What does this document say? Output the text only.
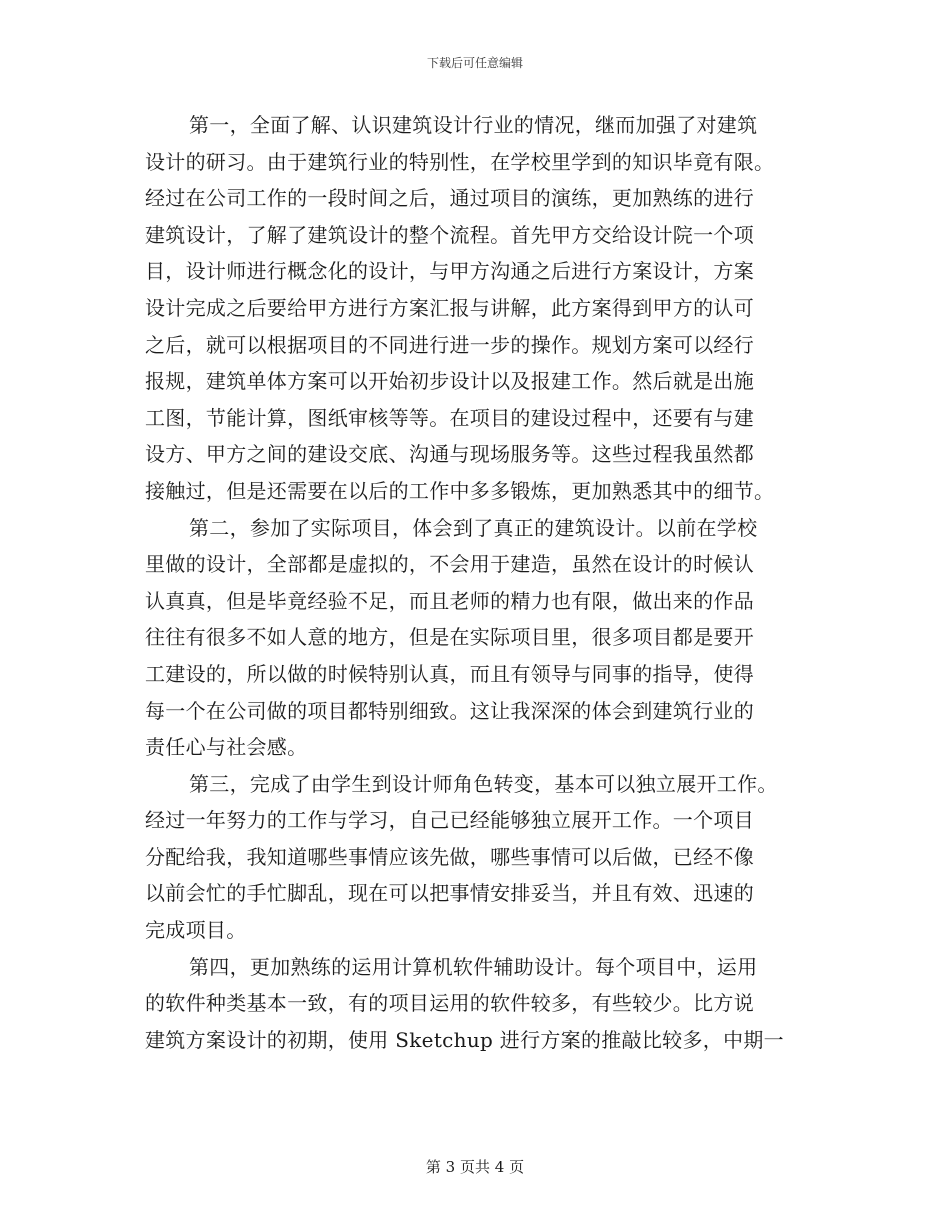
下载后可任意编辑
第一，全面了解、认识建筑设计行业的情况，继而加强了对建筑
设计的研习。由于建筑行业的特别性，在学校里学到的知识毕竟有限。
经过在公司工作的一段时间之后，通过项目的演练，更加熟练的进行
建筑设计，了解了建筑设计的整个流程。首先甲方交给设计院一个项
目，设计师进行概念化的设计，与甲方沟通之后进行方案设计，方案
设计完成之后要给甲方进行方案汇报与讲解，此方案得到甲方的认可
之后，就可以根据项目的不同进行进一步的操作。规划方案可以经行
报规，建筑单体方案可以开始初步设计以及报建工作。然后就是出施
工图，节能计算，图纸审核等等。在项目的建设过程中，还要有与建
设方、甲方之间的建设交底、沟通与现场服务等。这些过程我虽然都
接触过，但是还需要在以后的工作中多多锻炼，更加熟悉其中的细节。
第二，参加了实际项目，体会到了真正的建筑设计。以前在学校
里做的设计，全部都是虚拟的，不会用于建造，虽然在设计的时候认
认真真，但是毕竟经验不足，而且老师的精力也有限，做出来的作品
往往有很多不如人意的地方，但是在实际项目里，很多项目都是要开
工建设的，所以做的时候特别认真，而且有领导与同事的指导，使得
每一个在公司做的项目都特别细致。这让我深深的体会到建筑行业的
责任心与社会感。
第三，完成了由学生到设计师角色转变，基本可以独立展开工作。
经过一年努力的工作与学习，自己已经能够独立展开工作。一个项目
分配给我，我知道哪些事情应该先做，哪些事情可以后做，已经不像
以前会忙的手忙脚乱，现在可以把事情安排妥当，并且有效、迅速的
完成项目。
第四，更加熟练的运用计算机软件辅助设计。每个项目中，运用
的软件种类基本一致，有的项目运用的软件较多，有些较少。比方说
建筑方案设计的初期，使用 Sketchup 进行方案的推敲比较多，中期一
第 3 页共 4 页
